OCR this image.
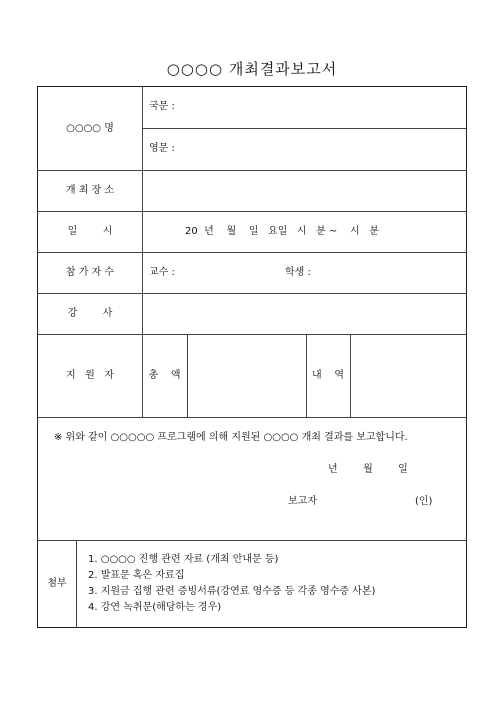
○○○○ 개최결과보고서
○○○○ 명
국문 :
영문 :
개 최 장 소
일        시	20  년    월    일   요일   시   분 ~    시   분
참 가 자 수	교수 :	학생 :
강        사
지   원   자	총    액	내    역
※ 위와 같이 ○○○○○ 프로그램에 의해 지원된 ○○○○ 개최 결과를 보고합니다.
년        월        일
보고자	(인)
첨부
1. ○○○○ 진행 관련 자료 (개최 안내문 등)
2. 발표문 혹은 자료집
3. 지원금 집행 관련 증빙서류(강연료 영수증 등 각종 영수증 사본)
4. 강연 녹취문(해당하는 경우)
